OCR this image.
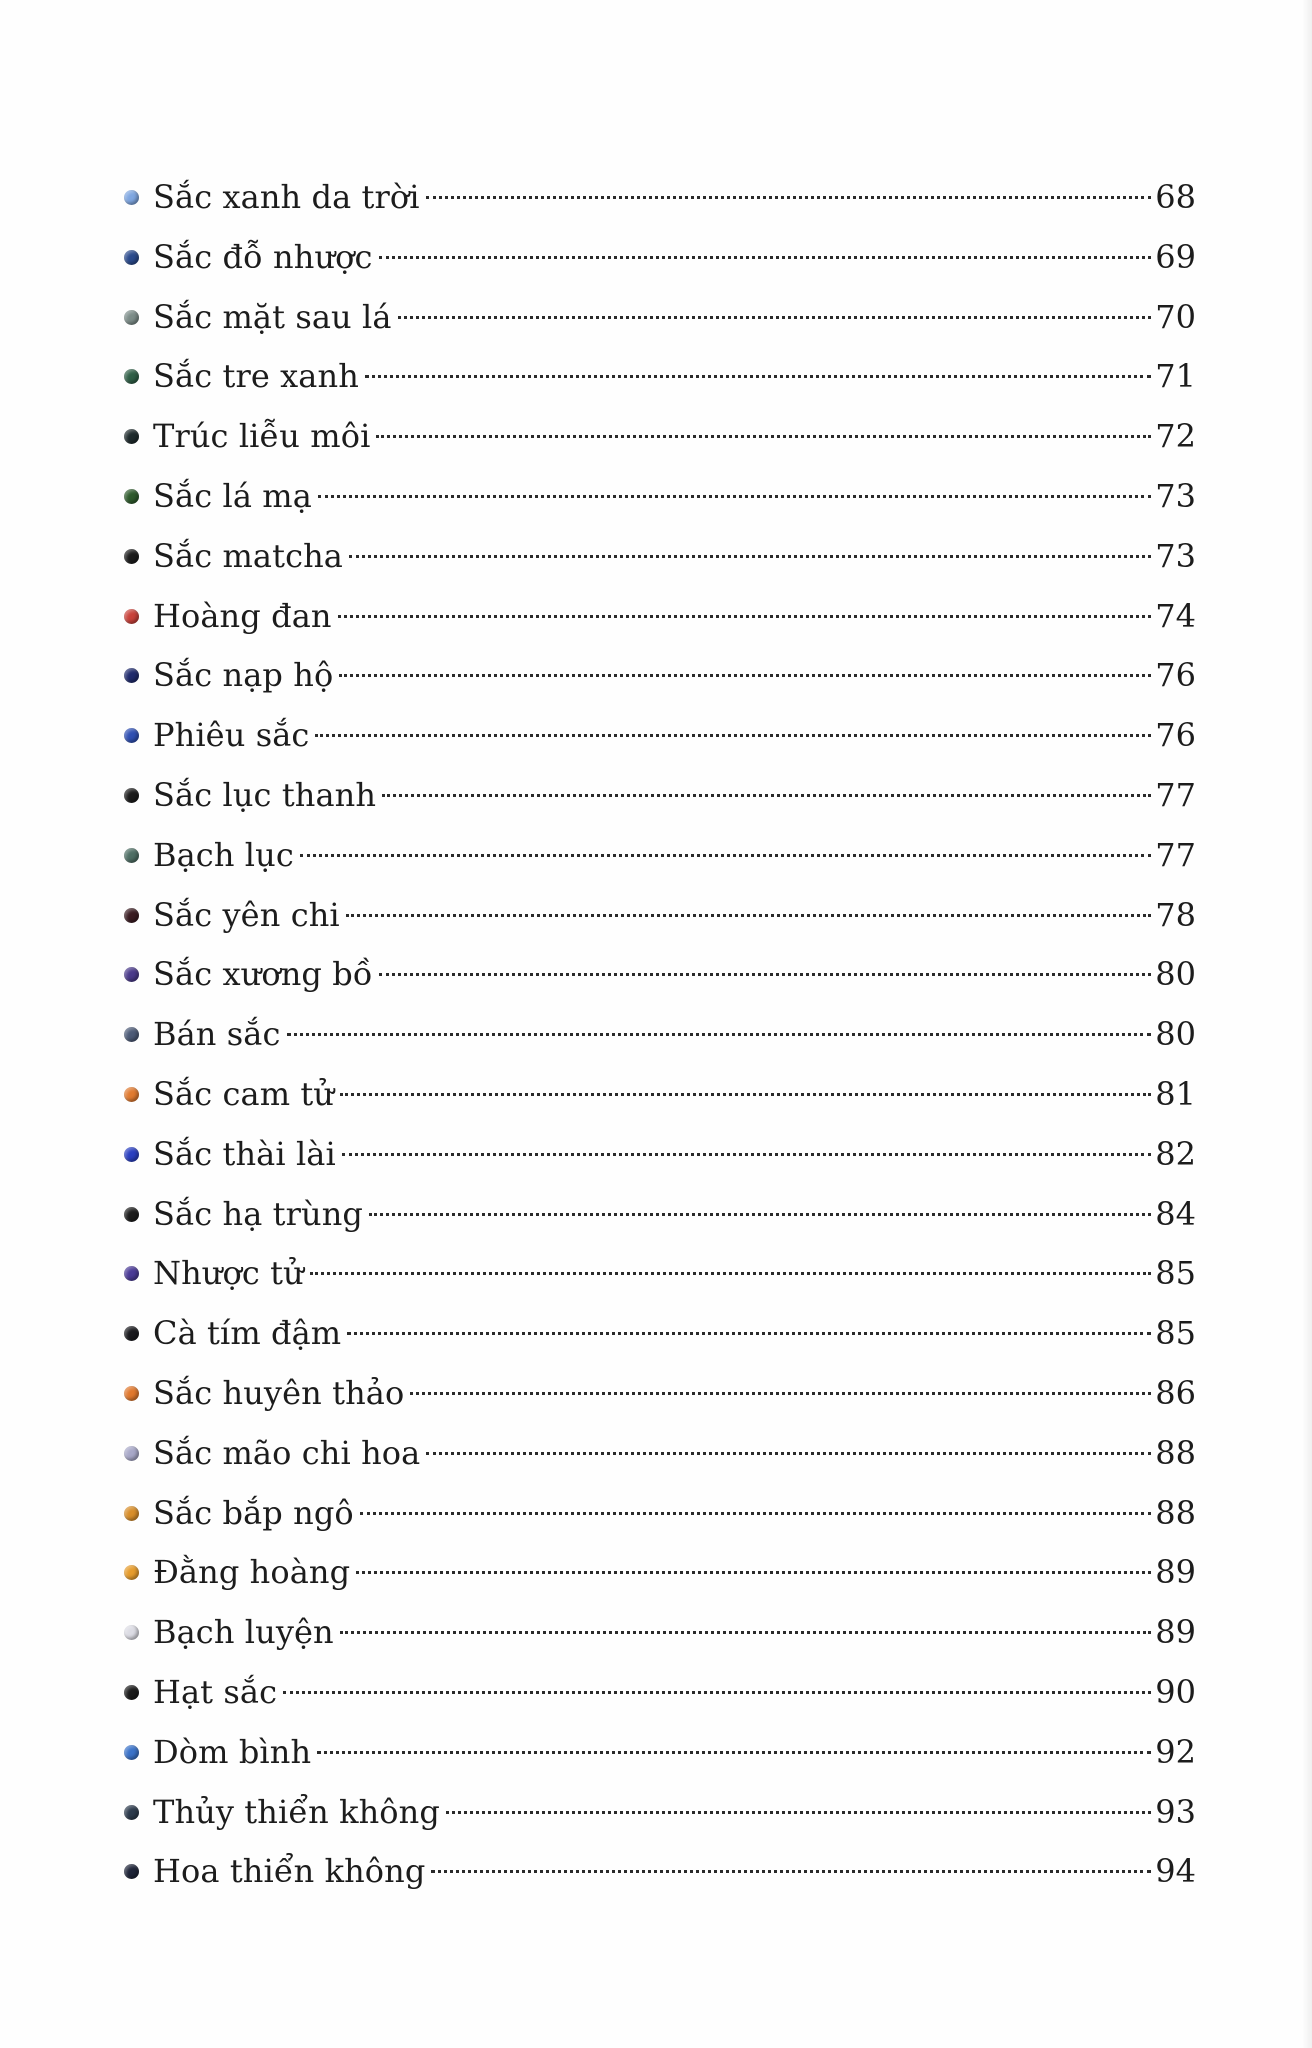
Sắc xanh da trời	68
Sắc đỗ nhược	69
Sắc mặt sau lá	70
Sắc tre xanh	71
Trúc liễu môi	72
Sắc lá mạ	73
Sắc matcha	73
Hoàng đan	74
Sắc nạp hộ	76
Phiêu sắc	76
Sắc lục thanh	77
Bạch lục	77
Sắc yên chi	78
Sắc xương bồ	80
Bán sắc	80
Sắc cam tử	81
Sắc thài lài	82
Sắc hạ trùng	84
Nhược tử	85
Cà tím đậm	85
Sắc huyên thảo	86
Sắc mão chi hoa	88
Sắc bắp ngô	88
Đằng hoàng	89
Bạch luyện	89
Hạt sắc	90
Dòm bình	92
Thủy thiển không	93
Hoa thiển không	94
